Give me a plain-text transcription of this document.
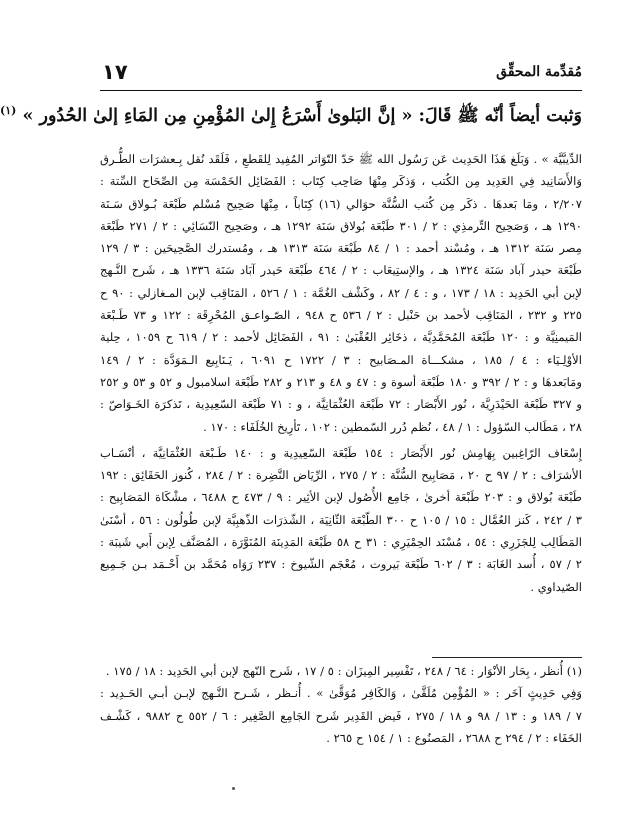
١٧	مُقدِّمة المحقِّق
وَثبت أيضاً أنّه ﷺ قَالَ: « إنَّ البَلوىٰ أَسْرَعُ إِلىٰ المُؤْمِنِ مِن المَاءِ إلىٰ الحُدُور » $^{(١)}$

الدِّيبَّيَّة » . وَبَلَغ هَذَا الحَدِيث عَن رَسُول الله ﷺ حَدّ التّوَاتر المُفِيد لِلقَطعِ ، فَلَقَد نُقل بِـعشرَات الطُّـرق

وَالأَسَانِيد فِي العَدِيد مِن الكُتب ، وَذكَر مِنْهَا صَاحِب كِتَاب : الفَضَائِل الخَمْسَة مِن الصِّحَاح السِّتة :

٢/٢٠٧ ، ومَا بَعدهَا . ذكَر مِن كُتب السُّنَّة حوَالي (١٦) كِتَاباً ، مِنْهَا صَحِيح مُسْلم طَبْعَة بُـولاق سَـنَة

١٢٩٠ هـ ، وَصَحِيح التِّرمذِي : ٢ / ٣٠١ طَبْعَة بُولاق سَنَة ١٢٩٢ هـ ، وصَحِيح النّسَائِي : ٢ / ٢٧١ طَبْعَة

مِصر سَنَة ١٣١٢ هـ ، ومُسْند أحمد : ١ / ٨٤ طَبْعَة سَنَة ١٣١٣ هـ ، ومُستدرك الصَّحِيحَين : ٣ / ١٢٩

طَبْعَة حيدر آباد سَنَة ١٣٢٤ هـ ، والإستِيعَاب : ٢ / ٤٦٤ طَبْعَة حَيدر آبَاد سَنَة ١٣٣٦ هـ ، شَرح النَّـهج

لإبن أبي الحَدِيد : ١٨ / ١٧٣ ، و : ٤ / ٨٢ ، وكَشْف الغُمَّة : ١ / ٥٢٦ ، المَنَاقِب لإبن المـغازلي : ٩٠ ح

٢٢٥ و ٢٣٢ ، المَنَاقِب لأحمد بن حَنْبل : ٢ / ٥٣٦ ح ٩٤٨ ، الصّـواعـق المُحْرِقَة : ١٢٢ و ٧٣ طَـبْعَة

المَيمنِيَّة و : ١٢٠ طَبْعَة المُحَمَّدِيَّة ، ذخَائِر العُقْبَىٰ : ٩١ ، الفَضَائِل لأحمد : ٢ / ٦١٩ ح ١٠٥٩ ، حِلية

الأوْلِـيَاء : ٤ / ١٨٥ ، مشكـــاة المـصَابيح : ٣ / ١٧٢٢ ح ٦٠٩١ ، يَـنَابِيع الـمَوَدَّة : ٢ / ١٤٩

ومَابَعدهَا و : ٢ / ٣٩٢ و ١٨٠ طَبْعَة أسوة و : ٤٧ و ٤٨ و ٢١٣ و ٢٨٢ طَبْعَة اسلامبول و ٥٢ و ٥٣ و ٢٥٢

و ٣٢٧ طَبْعَة الحَيْدَرِيَّة ، نُور الأَبْصَار : ٧٢ طَبْعَة العُثْمَانِيَّة ، و : ٧١ طَبْعَة السّعِيدِية ، تَذكرَة الخَـوَاصّ :

٢٨ ، مَطَالب السّؤول : ١ / ٤٨ ، نُظم دُرر السّمطين : ١٠٢ ، تَأرِيخ الخُلَفَاء : ١٧٠ .

إِسْعَاف الرّاغِبين بِهَامِش نُور الأَبْصَار : ١٥٤ طَبْعَة السّعِيدِية و : ١٤٠ طَـبْعَة العُثْمَانِيَّة ، أنْسَـاب

الأشرَاف : ٢ / ٩٧ ح ٢٠ ، مَصَابِيح السُّنَّة : ٢ / ٢٧٥ ، الرِّيَاض النَّضِرة : ٢ / ٢٨٤ ، كُنوز الحَقَائِق : ١٩٢

طَبْعَة بُولاق و : ٢٠٣ طَبْعَة أخرىٰ ، جَامِع الأُصُول لإبن الأثِير : ٩ / ٤٧٣ ح ٦٤٨٨ ، مشْكَاة المَصَابِيح :

٣ / ٢٤٢ ، كَنز العُمَّال : ١٥ / ١٠٥ ح ٣٠٠ الطّبْعَة الثّانِيَة ، الشّذرَات الذّهبِيَّة لإبن طُولُون : ٥٦ ، أسْنَىٰ

المَطَالِب لِلجَزَرِي : ٥٤ ، مُسْنَد الحِمْيَرِي : ٣١ ح ٥٨ طَبْعَة المَدِينَة المُنَوَّرَة ، المُصَنَّف لِإبن أَبي شَيبَة :

٢ / ٥٧ ، أُسد الغَابَة : ٣ / ٦٠٢ طَبْعَة بَيروت ، مُعْجَم الشّيوخ : ٢٣٧ رَوَاه مُحَمَّد بن أَحْـمَد بـن جَـمِيع

الصّيداوي .

(١) أُنظر ، بِحَار الأنْوَار : ٦٤ / ٢٤٨ ، تَفْسِير المِيزَان : ٥ / ١٧ ، شَرح النّهج لإبن أبي الحَدِيد : ١٨ / ١٧٥ .

وَفِي حَدِيثٍ آخَر : « المُؤْمِن مُلَقَّىٰ ، وَالكَافِر مُوَقَّىٰ » . أُنـظر ، شَـرح النَّـهج لإبـن أبـي الحَـدِيد :

٧ / ١٨٩ و : ١٣ / ٩٨ و ١٨ / ٢٧٥ ، فَيض القَدِير شَرح الجَامِع الصَّغِير : ٦ / ٥٥٢ ح ٩٨٨٢ ، كَشْـف

الخَفَاء : ٢ / ٢٩٤ ح ٢٦٨٨ ، المَصنُوع : ١ / ١٥٤ ح ٢٦٥ .
